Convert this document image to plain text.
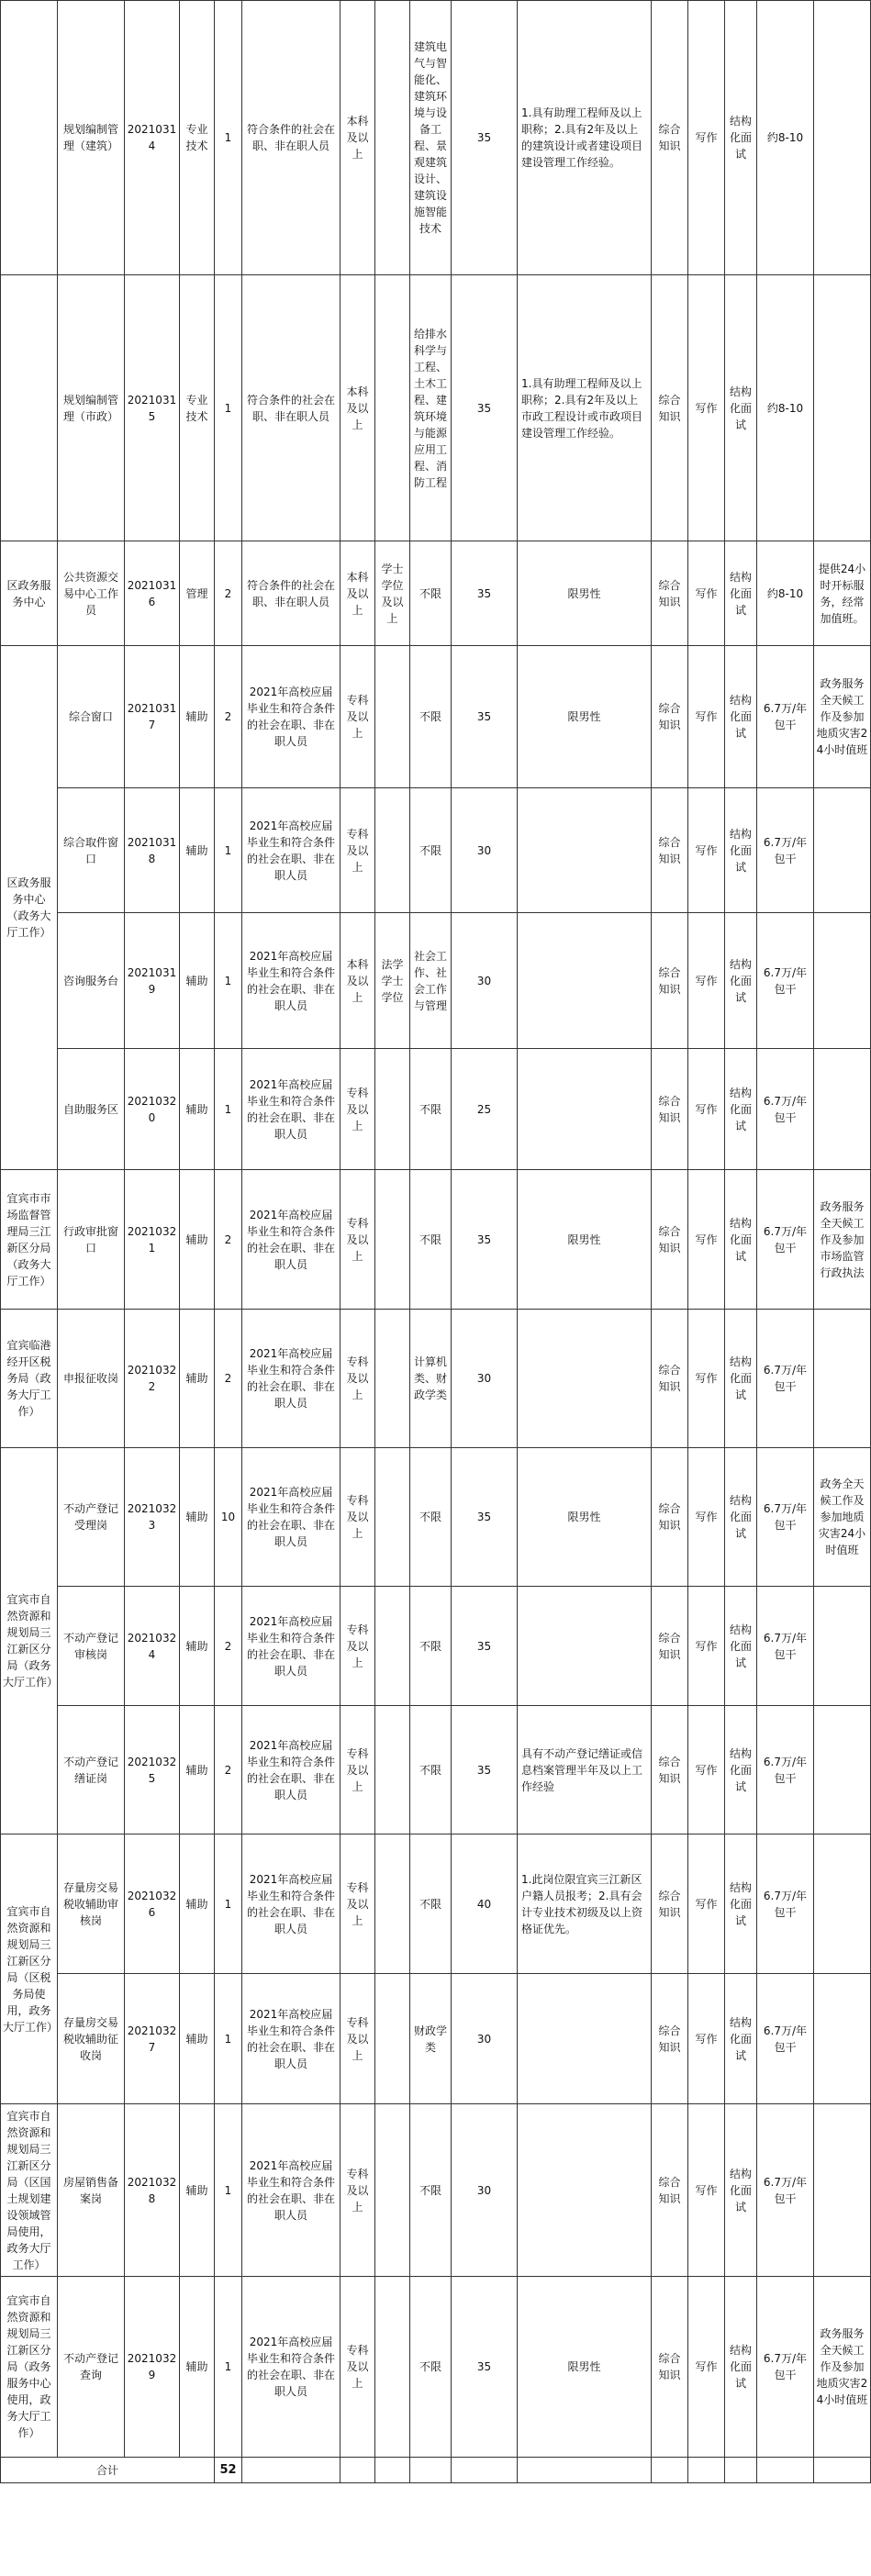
	规划编制管理（建筑）	20210314	专业技术	1	符合条件的社会在职、非在职人员	本科及以上		建筑电气与智能化、建筑环境与设备工程、景观建筑设计、建筑设施智能技术	35	1.具有助理工程师及以上职称；2.具有2年及以上的建筑设计或者建设项目建设管理工作经验。	综合知识	写作	结构化面试	约8-10	
	规划编制管理（市政）	20210315	专业技术	1	符合条件的社会在职、非在职人员	本科及以上		给排水科学与工程、土木工程、建筑环境与能源应用工程、消防工程	35	1.具有助理工程师及以上职称；2.具有2年及以上市政工程设计或市政项目建设管理工作经验。	综合知识	写作	结构化面试	约8-10	
区政务服务中心	公共资源交易中心工作员	20210316	管理	2	符合条件的社会在职、非在职人员	本科及以上	学士学位及以上	不限	35	限男性	综合知识	写作	结构化面试	约8-10	提供24小时开标服务，经常加值班。
区政务服务中心（政务大厅工作）	综合窗口	20210317	辅助	2	2021年高校应届毕业生和符合条件的社会在职、非在职人员	专科及以上		不限	35	限男性	综合知识	写作	结构化面试	6.7万/年包干	政务服务全天候工作及参加地质灾害24小时值班
	综合取件窗口	20210318	辅助	1	2021年高校应届毕业生和符合条件的社会在职、非在职人员	专科及以上		不限	30		综合知识	写作	结构化面试	6.7万/年包干	
	咨询服务台	20210319	辅助	1	2021年高校应届毕业生和符合条件的社会在职、非在职人员	本科及以上	法学学士学位	社会工作、社会工作与管理	30		综合知识	写作	结构化面试	6.7万/年包干	
	自助服务区	20210320	辅助	1	2021年高校应届毕业生和符合条件的社会在职、非在职人员	专科及以上		不限	25		综合知识	写作	结构化面试	6.7万/年包干	
宜宾市市场监督管理局三江新区分局（政务大厅工作）	行政审批窗口	20210321	辅助	2	2021年高校应届毕业生和符合条件的社会在职、非在职人员	专科及以上		不限	35	限男性	综合知识	写作	结构化面试	6.7万/年包干	政务服务全天候工作及参加市场监管行政执法
宜宾临港经开区税务局（政务大厅工作）	申报征收岗	20210322	辅助	2	2021年高校应届毕业生和符合条件的社会在职、非在职人员	专科及以上		计算机类、财政学类	30		综合知识	写作	结构化面试	6.7万/年包干	
宜宾市自然资源和规划局三江新区分局（政务大厅工作）	不动产登记受理岗	20210323	辅助	10	2021年高校应届毕业生和符合条件的社会在职、非在职人员	专科及以上		不限	35	限男性	综合知识	写作	结构化面试	6.7万/年包干	政务全天候工作及参加地质灾害24小时值班
	不动产登记审核岗	20210324	辅助	2	2021年高校应届毕业生和符合条件的社会在职、非在职人员	专科及以上		不限	35		综合知识	写作	结构化面试	6.7万/年包干	
	不动产登记缮证岗	20210325	辅助	2	2021年高校应届毕业生和符合条件的社会在职、非在职人员	专科及以上		不限	35	具有不动产登记缮证或信息档案管理半年及以上工作经验	综合知识	写作	结构化面试	6.7万/年包干	
宜宾市自然资源和规划局三江新区分局（区税务局使用，政务大厅工作）	存量房交易税收辅助审核岗	20210326	辅助	1	2021年高校应届毕业生和符合条件的社会在职、非在职人员	专科及以上		不限	40	1.此岗位限宜宾三江新区户籍人员报考；2.具有会计专业技术初级及以上资格证优先。	综合知识	写作	结构化面试	6.7万/年包干	
	存量房交易税收辅助征收岗	20210327	辅助	1	2021年高校应届毕业生和符合条件的社会在职、非在职人员	专科及以上		财政学类	30		综合知识	写作	结构化面试	6.7万/年包干	
宜宾市自然资源和规划局三江新区分局（区国土规划建设领域管局使用，政务大厅工作）	房屋销售备案岗	20210328	辅助	1	2021年高校应届毕业生和符合条件的社会在职、非在职人员	专科及以上		不限	30		综合知识	写作	结构化面试	6.7万/年包干	
宜宾市自然资源和规划局三江新区分局（政务服务中心使用，政务大厅工作）	不动产登记查询	20210329	辅助	1	2021年高校应届毕业生和符合条件的社会在职、非在职人员	专科及以上		不限	35	限男性	综合知识	写作	结构化面试	6.7万/年包干	政务服务全天候工作及参加地质灾害24小时值班
合计				52											
